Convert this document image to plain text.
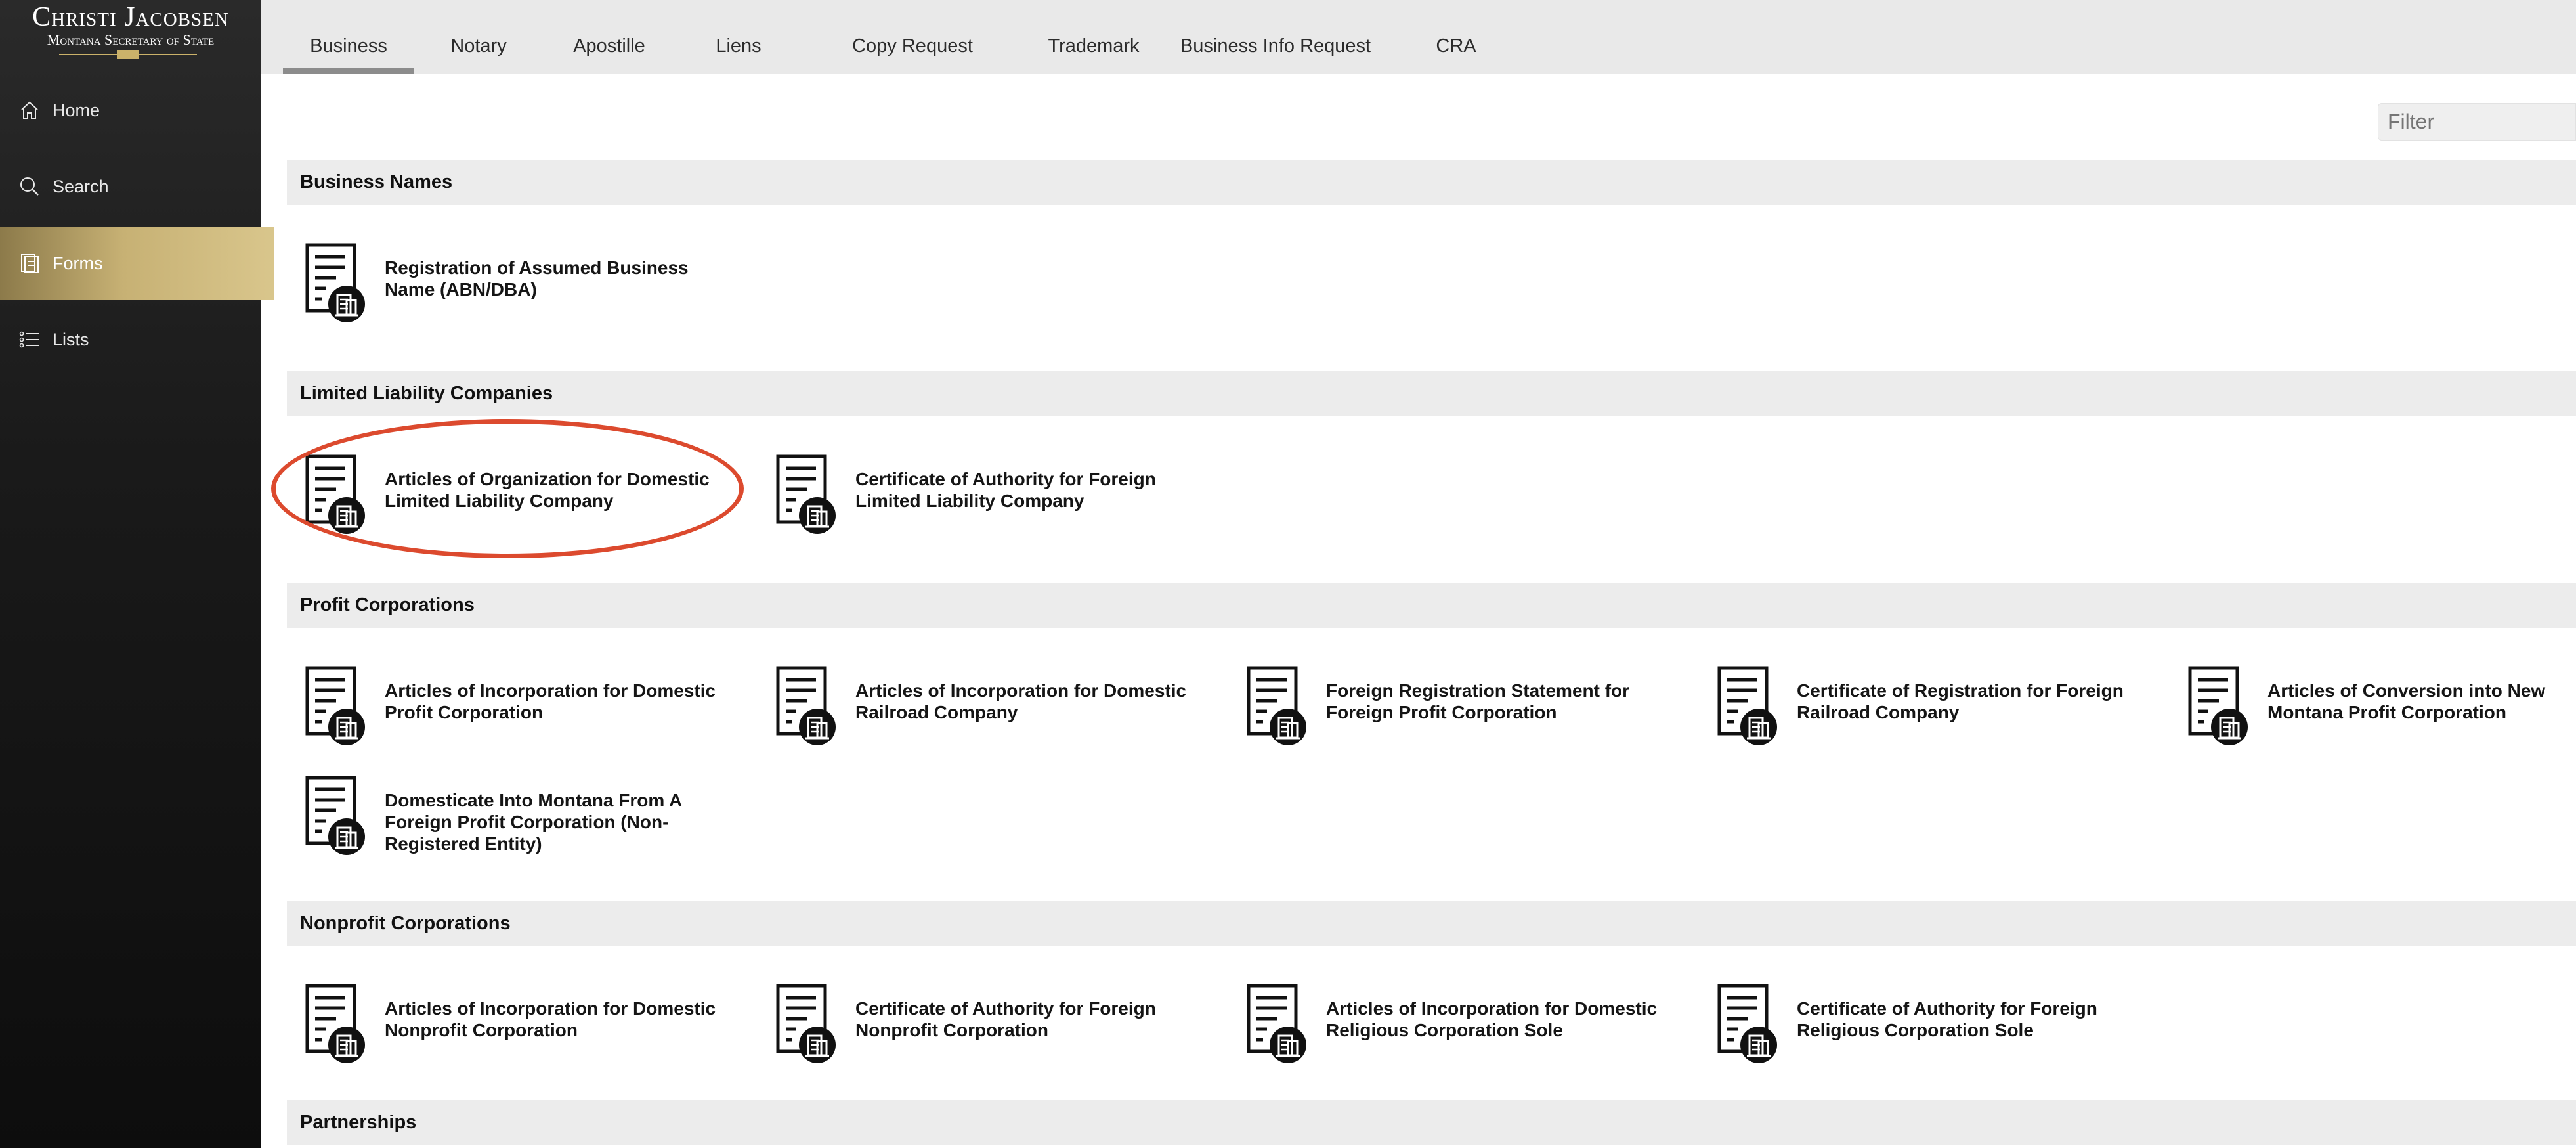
Christi Jacobsen
Montana Secretary of State
Home
Search
Forms
Lists
Business	Notary	Apostille	Liens	Copy Request	Trademark	Business Info Request	CRA
Filter
Business Names
Limited Liability Companies
Profit Corporations
Nonprofit Corporations
Partnerships
Registration of Assumed Business Name (ABN/DBA)
Articles of Organization for Domestic Limited Liability Company
Certificate of Authority for Foreign Limited Liability Company
Articles of Incorporation for Domestic Profit Corporation
Articles of Incorporation for Domestic Railroad Company
Foreign Registration Statement for Foreign Profit Corporation
Certificate of Registration for Foreign Railroad Company
Articles of Conversion into New Montana Profit Corporation
Domesticate Into Montana From A Foreign Profit Corporation (Non-Registered Entity)
Articles of Incorporation for Domestic Nonprofit Corporation
Certificate of Authority for Foreign Nonprofit Corporation
Articles of Incorporation for Domestic Religious Corporation Sole
Certificate of Authority for Foreign Religious Corporation Sole
